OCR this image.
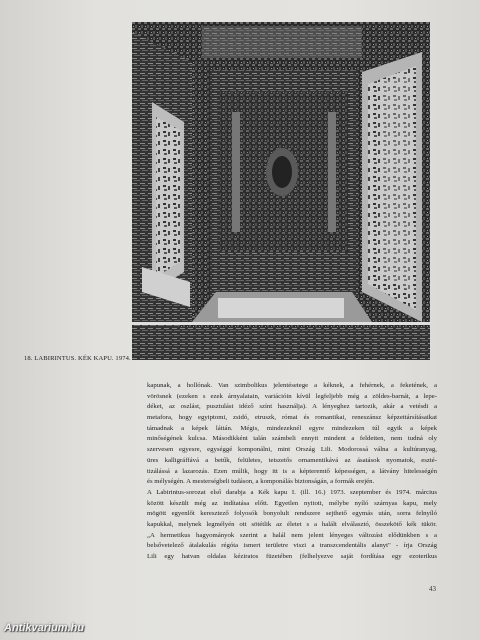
18. LABIRINTUS. KÉK KAPU. 1974.
kapunak, a hollónak. Van szimbolikus jelentésetege a kéknek, a fehérnek, a feketének, a
vörösnek (ezeken s ezek árnyalatain, variációin kívül legfeljebb még a zöldes-barnát, a lepe-
déket, az oszlást, pusztulást idéző színt használja). A lényeghez tartozik, akár a vetésdi a
metafora, hogy egyiptomi, zsidó, etruszk, római és romantikai, reneszánsz képzettársításaikat
támadnak a képek láttán. Mégis, mindezeknél egyre mindezeken túl egyik a képek
minőségének kulcsa. Másodikként talán számbeli ennyit mindent a feldetten, nem tudná oly
szervesen egyesre, egységgé komponálni, mint Ország Lili. Modorossá válna a kultúranyag,
üres kalligráffává a betűk, felületes, tetszetős ornamentikává az ásatások nyomatok, eszté-
tizálássá a lazarozás. Ezen múlik, hogy itt is a képteremtő képességen, a látvány hitelességén
és mélységén. A mesterségbeli tudáson, a komponálás biztonságán, a formák erején.
A Labirintus-sorozat első darabja a Kék kapu I. (ill. 16.) 1973. szeptember és 1974. március
között készült még az indítatása előtt. Egyetlen nyitott, mélybe nyíló szárnyas kapu, mely
mögött egyenlőt keresztező folyosók bonyolult rendszere sejthető egymás után, sorra felnyíló
kapukkal, melynek legmélyén ott sötétlik az életet s a halált elválasztó, összekötő kék tükör.
„A hermetikus hagyományok szerint a halál nem jelent lényeges változást elődünkben s a
belsővetelező átalakulás régóta ismert területre viszi a transzcendentális alanyt" - írja Ország
Lili egy hatvan oldalas kéziratos füzetében (felhelyezve saját fordítása egy ezoterikus
43
Antikvarium.hu
